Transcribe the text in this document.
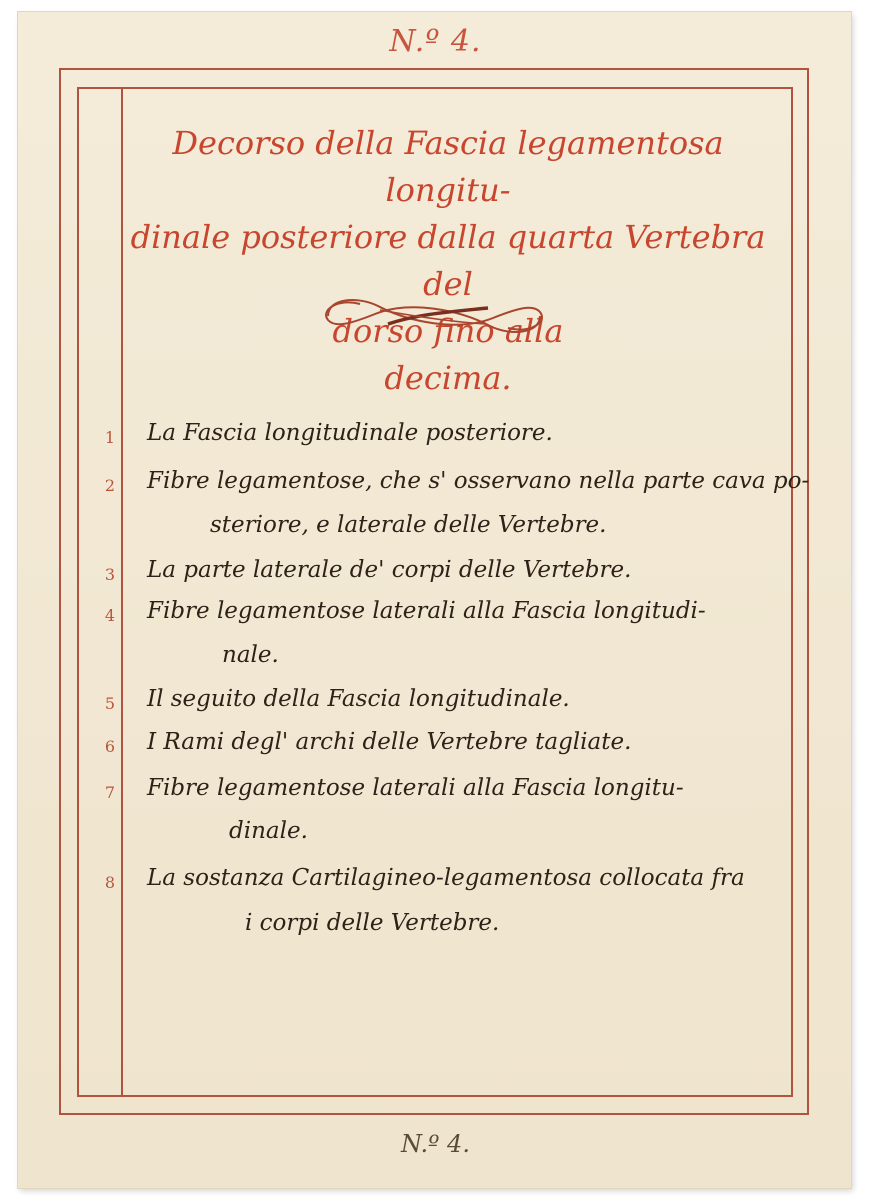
N.º 4.
Decorso della Fascia legamentosa longitu-
dinale posteriore dalla quarta Vertebra del
dorso fino alla
decima.
1	La Fascia longitudinale posteriore.
2	Fibre legamentose, che s' osservano nella parte cava po-
steriore, e laterale delle Vertebre.
3	La parte laterale de' corpi delle Vertebre.
4	Fibre legamentose laterali alla Fascia longitudi-
nale.
5	Il seguito della Fascia longitudinale.
6	I Rami degl' archi delle Vertebre tagliate.
7	Fibre legamentose laterali alla Fascia longitu-
dinale.
8	La sostanza Cartilagineo-legamentosa collocata fra
i corpi delle Vertebre.
N.º 4.
